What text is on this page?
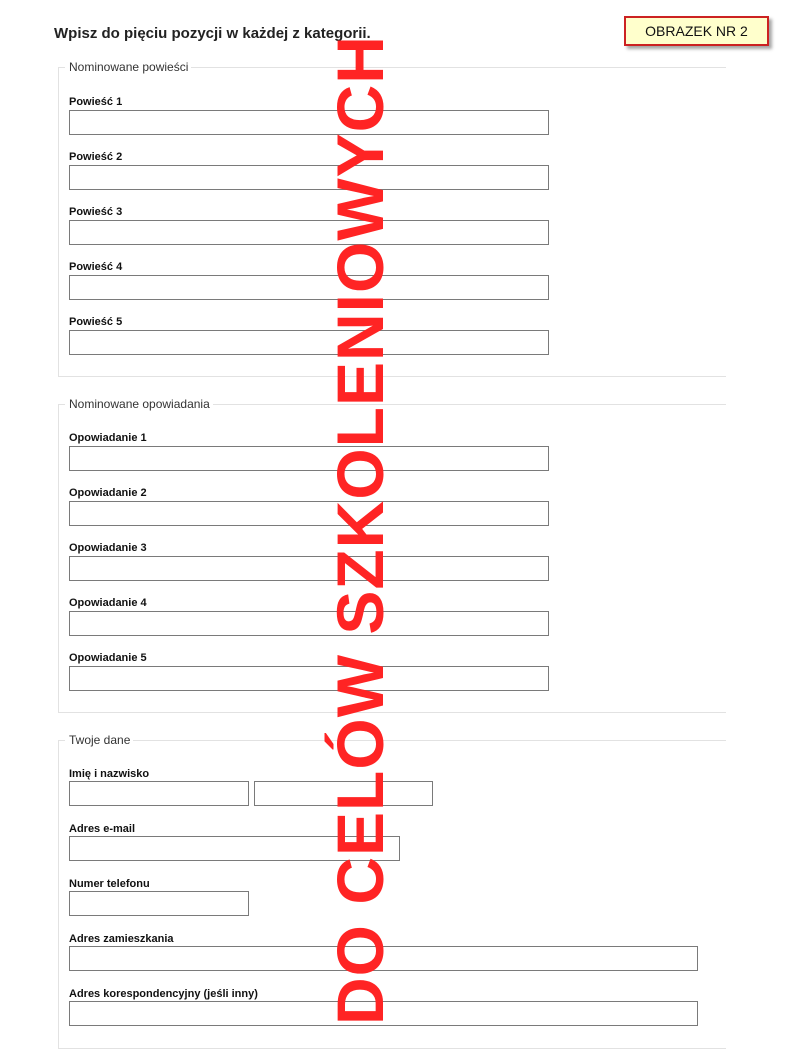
Wpisz do pięciu pozycji w każdej z kategorii.	OBRAZEK NR 2
Nominowane powieści
Powieść 1
Powieść 2
Powieść 3
Powieść 4
Powieść 5
Nominowane opowiadania
Opowiadanie 1
Opowiadanie 2
Opowiadanie 3
Opowiadanie 4
Opowiadanie 5
Twoje dane
Imię i nazwisko
Adres e-mail
Numer telefonu
Adres zamieszkania
Adres korespondencyjny (jeśli inny) DO CELÓW SZKOLENIOWYCH
